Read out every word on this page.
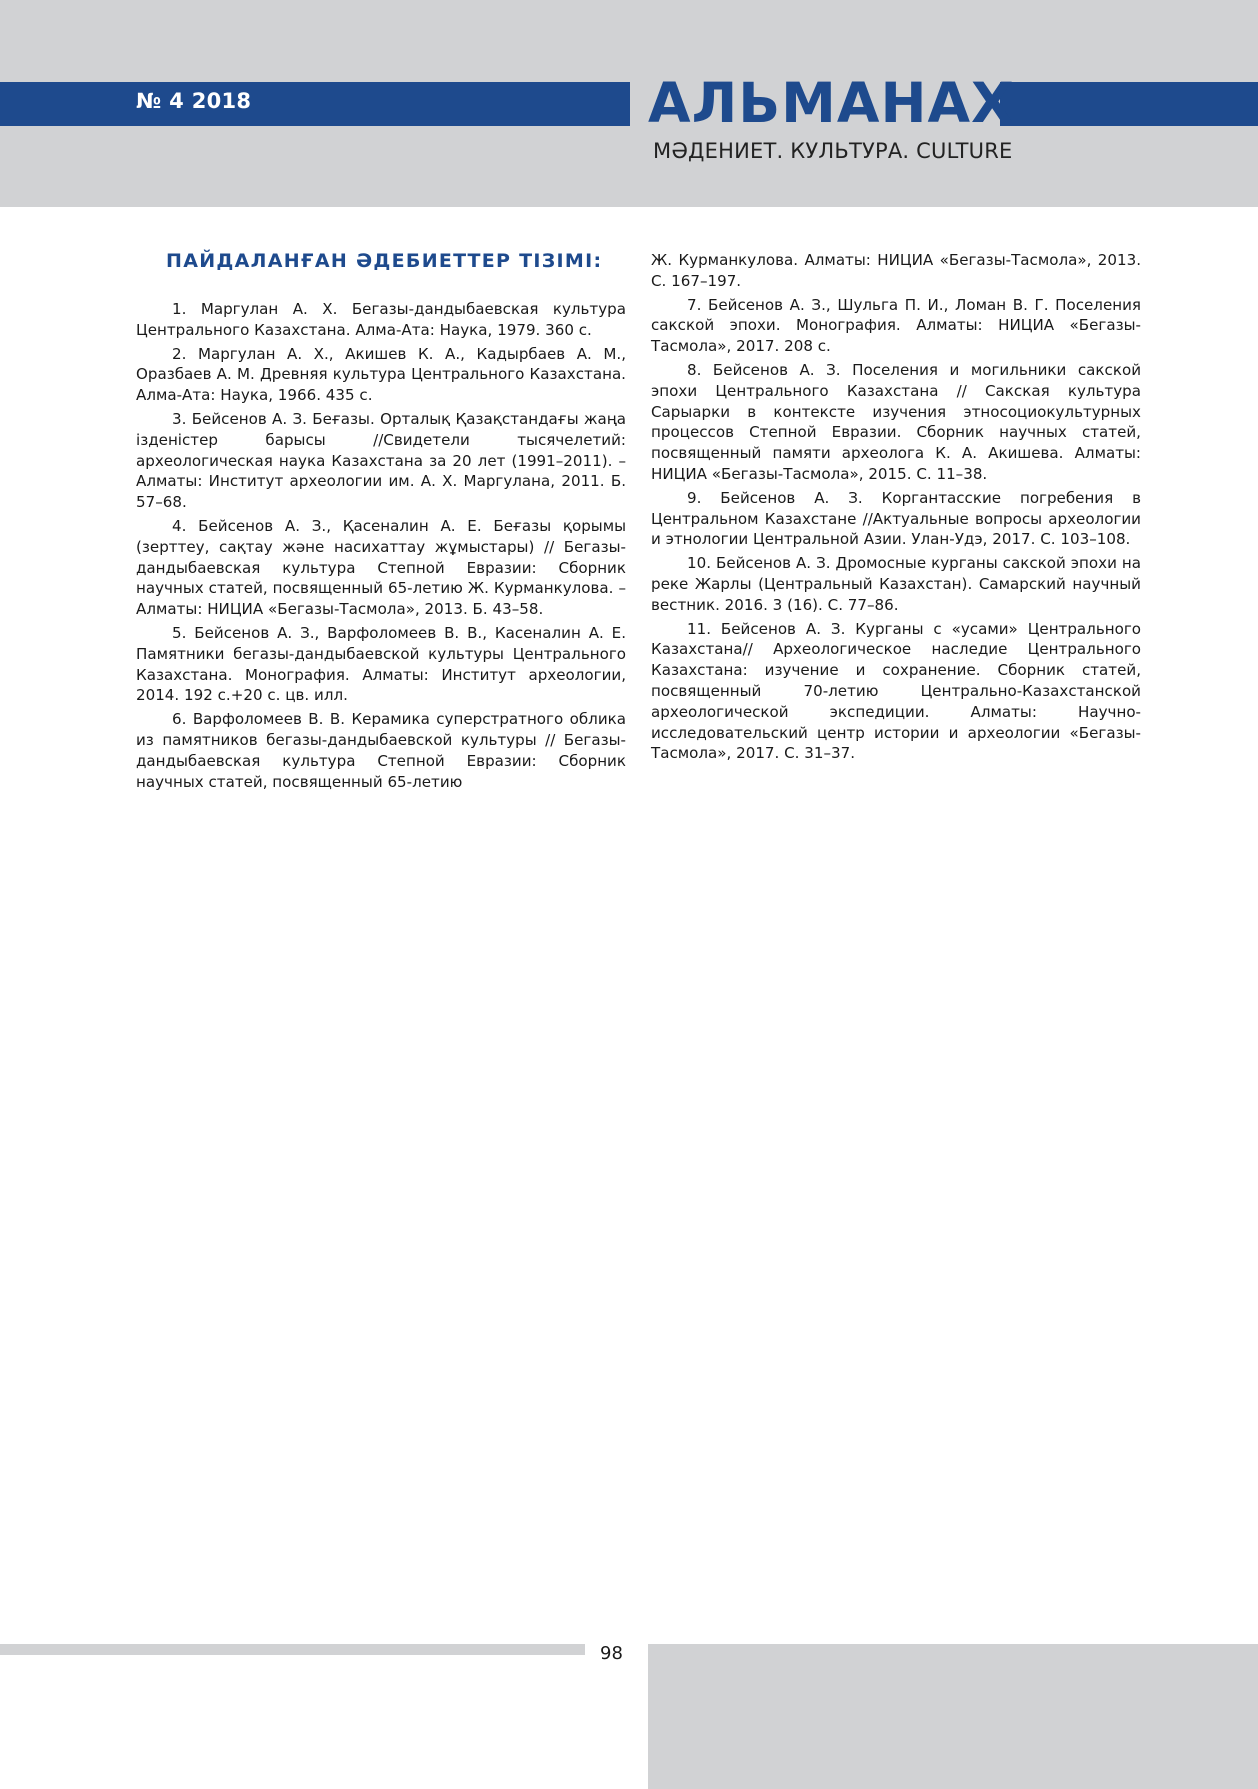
№ 4 2018	АЛЬМАНАХ
МӘДЕНИЕТ. КУЛЬТУРА. CULTURE
ПАЙДАЛАНҒАН ӘДЕБИЕТТЕР ТІЗІМІ:

1. Маргулан А. Х. Бегазы-дандыбаевская культура Центрального Казахстана. Алма-Ата: Наука, 1979. 360 с.

2. Маргулан А. Х., Акишев К. А., Кадырбаев А. М., Оразбаев А. М. Древняя культура Центрального Казахстана. Алма-Ата: Наука, 1966. 435 с.

3. Бейсенов А. З. Беғазы. Орталық Қазақстандағы жаңа ізденістер барысы //Свидетели тысячелетий: археологическая наука Казахстана за 20 лет (1991–2011). – Алматы: Институт археологии им. А. Х. Маргулана, 2011. Б. 57–68.

4. Бейсенов А. З., Қасеналин А. Е. Беғазы қорымы (зерттеу, сақтау және насихаттау жұмыстары) // Бегазы-дандыбаевская культура Степной Евразии: Сборник научных статей, посвященный 65-летию Ж. Курманкулова. – Алматы: НИЦИА «Бегазы-Тасмола», 2013. Б. 43–58.

5. Бейсенов А. З., Варфоломеев В. В., Касеналин А. Е. Памятники бегазы-дандыбаевской культуры Центрального Казахстана. Монография. Алматы: Институт археологии, 2014. 192 с.+20 с. цв. илл.

6. Варфоломеев В. В. Керамика суперстратного облика из памятников бегазы-дандыбаевской культуры // Бегазы-дандыбаевская культура Степной Евразии: Сборник научных статей, посвященный 65-летию

Ж. Курманкулова. Алматы: НИЦИА «Бегазы-Тасмола», 2013. С. 167–197.

7. Бейсенов А. З., Шульга П. И., Ломан В. Г. Поселения сакской эпохи. Монография. Алматы: НИЦИА «Бегазы-Тасмола», 2017. 208 с.

8. Бейсенов А. З. Поселения и могильники сакской эпохи Центрального Казахстана // Сакская культура Сарыарки в контексте изучения этносоциокультурных процессов Степной Евразии. Сборник научных статей, посвященный памяти археолога К. А. Акишева. Алматы: НИЦИА «Бегазы-Тасмола», 2015. С. 11–38.

9. Бейсенов А. З. Коргантасские погребения в Центральном Казахстане //Актуальные вопросы археологии и этнологии Центральной Азии. Улан-Удэ, 2017. С. 103–108.

10. Бейсенов А. З. Дромосные курганы сакской эпохи на реке Жарлы (Центральный Казахстан). Самарский научный вестник. 2016. 3 (16). С. 77–86.

11. Бейсенов А. З. Курганы с «усами» Центрального Казахстана// Археологическое наследие Центрального Казахстана: изучение и сохранение. Сборник статей, посвященный 70-летию Центрально-Казахстанской археологической экспедиции. Алматы: Научно-исследовательский центр истории и археологии «Бегазы-Тасмола», 2017. С. 31–37.

98
